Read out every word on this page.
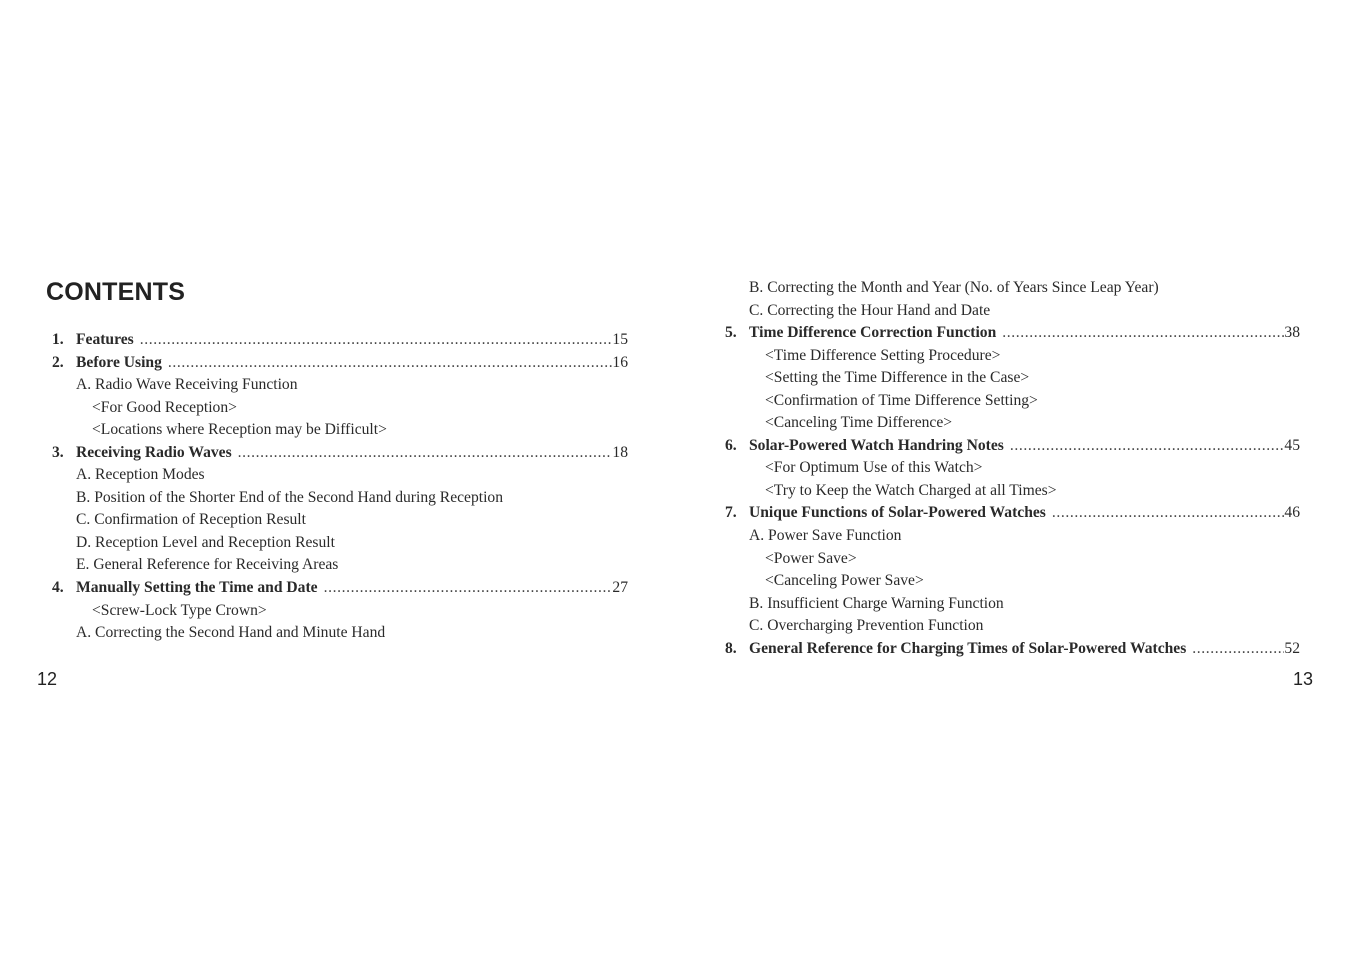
CONTENTS
1. Features .....	15
2. Before Using .....	16
A. Radio Wave Receiving Function
<For Good Reception>
<Locations where Reception may be Difficult>
3. Receiving Radio Waves .....	18
A. Reception Modes
B. Position of the Shorter End of the Second Hand during Reception
C. Confirmation of Reception Result
D. Reception Level and Reception Result
E. General Reference for Receiving Areas
4. Manually Setting the Time and Date .....	27
<Screw-Lock Type Crown>
A. Correcting the Second Hand and Minute Hand
B. Correcting the Month and Year (No. of Years Since Leap Year)
C. Correcting the Hour Hand and Date
5. Time Difference Correction Function .....	38
<Time Difference Setting Procedure>
<Setting the Time Difference in the Case>
<Confirmation of Time Difference Setting>
<Canceling Time Difference>
6. Solar-Powered Watch Handring Notes .....	45
<For Optimum Use of this Watch>
<Try to Keep the Watch Charged at all Times>
7. Unique Functions of Solar-Powered Watches .....	46
A. Power Save Function
<Power Save>
<Canceling Power Save>
B. Insufficient Charge Warning Function
C. Overcharging Prevention Function
8. General Reference for Charging Times of Solar-Powered Watches .....	52
12	13
